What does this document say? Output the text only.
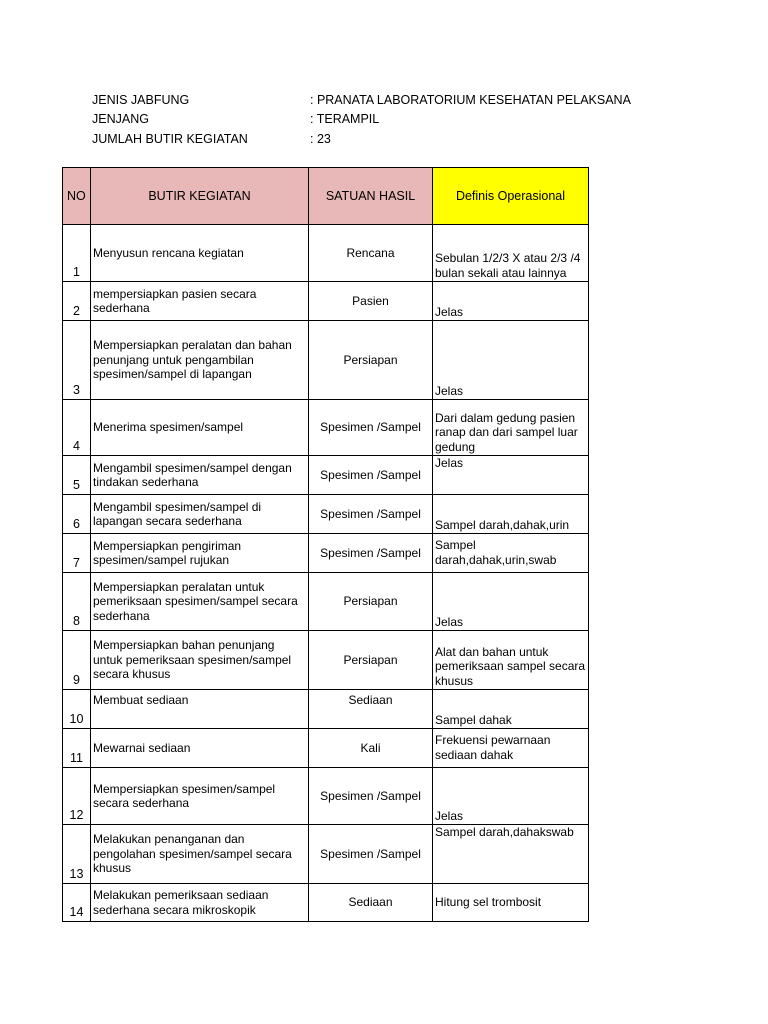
JENIS JABFUNG	: PRANATA LABORATORIUM KESEHATAN PELAKSANA
JENJANG	: TERAMPIL
JUMLAH BUTIR KEGIATAN	: 23
NO	BUTIR KEGIATAN	SATUAN HASIL	Definis Operasional
1	Menyusun rencana kegiatan	Rencana	Sebulan 1/2/3 X atau 2/3 /4 bulan sekali atau lainnya
2	mempersiapkan pasien secara sederhana	Pasien	Jelas
3	Mempersiapkan peralatan dan bahan penunjang untuk pengambilan spesimen/sampel di lapangan	Persiapan	Jelas
4	Menerima spesimen/sampel	Spesimen /Sampel	Dari dalam gedung pasien ranap dan dari sampel luar gedung
5	Mengambil spesimen/sampel dengan tindakan sederhana	Spesimen /Sampel	Jelas
6	Mengambil spesimen/sampel di lapangan secara sederhana	Spesimen /Sampel	Sampel darah,dahak,urin
7	Mempersiapkan pengiriman spesimen/sampel rujukan	Spesimen /Sampel	Sampel darah,dahak,urin,swab
8	Mempersiapkan peralatan untuk pemeriksaan spesimen/sampel secara sederhana	Persiapan	Jelas
9	Mempersiapkan bahan penunjang untuk pemeriksaan spesimen/sampel secara khusus	Persiapan	Alat dan bahan untuk pemeriksaan sampel secara khusus
10	Membuat sediaan	Sediaan	Sampel dahak
11	Mewarnai sediaan	Kali	Frekuensi pewarnaan sediaan dahak
12	Mempersiapkan spesimen/sampel secara sederhana	Spesimen /Sampel	Jelas
13	Melakukan penanganan dan pengolahan spesimen/sampel secara khusus	Spesimen /Sampel	Sampel darah,dahakswab
14	Melakukan pemeriksaan sediaan sederhana secara mikroskopik	Sediaan	Hitung sel trombosit
